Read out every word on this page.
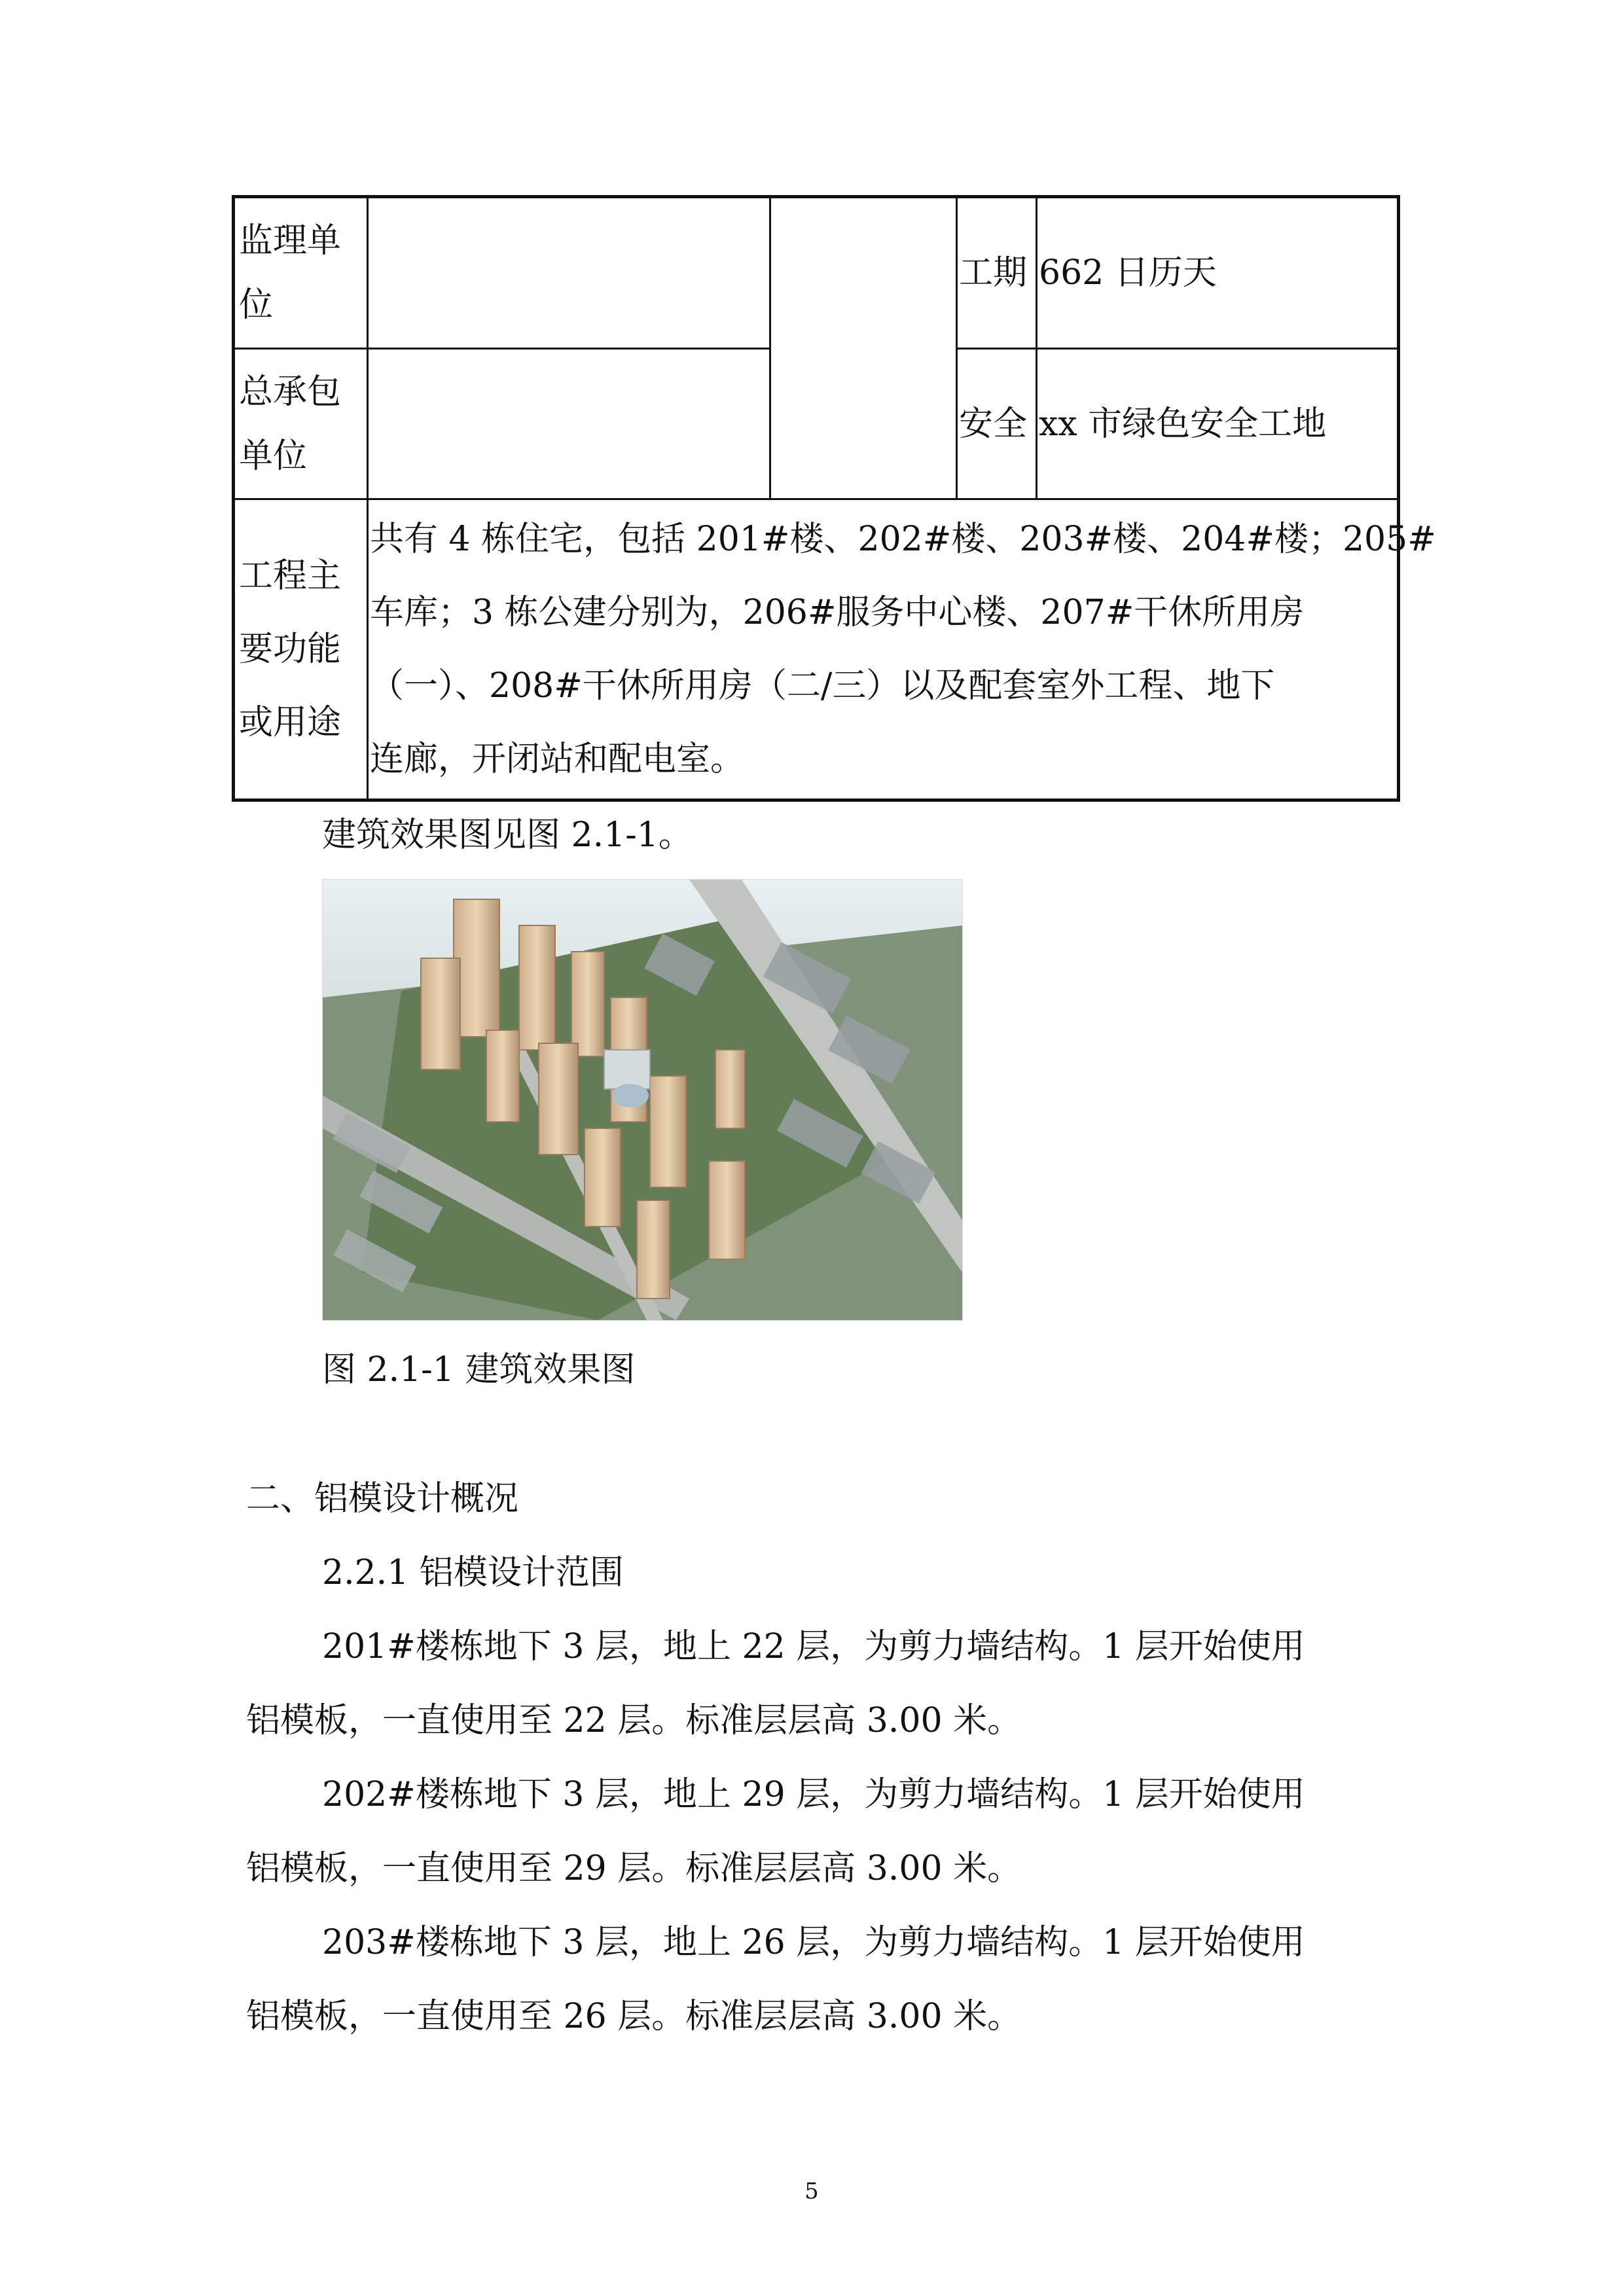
监理单位			工期	662 日历天

总承包单位			安全	xx 市绿色安全工地

工程主要功能或用途	共有 4 栋住宅，包括 201#楼、202#楼、203#楼、204#楼；205#
车库；3 栋公建分别为，206#服务中心楼、207#干休所用房
（一）、208#干休所用房（二/三）以及配套室外工程、地下
连廊，开闭站和配电室。			
建筑效果图见图 2.1-1。
图 2.1-1 建筑效果图
二、铝模设计概况
2.2.1 铝模设计范围
201#楼栋地下 3 层，地上 22 层，为剪力墙结构。1 层开始使用
铝模板，一直使用至 22 层。标准层层高 3.00 米。
202#楼栋地下 3 层，地上 29 层，为剪力墙结构。1 层开始使用
铝模板，一直使用至 29 层。标准层层高 3.00 米。
203#楼栋地下 3 层，地上 26 层，为剪力墙结构。1 层开始使用
铝模板，一直使用至 26 层。标准层层高 3.00 米。
5
